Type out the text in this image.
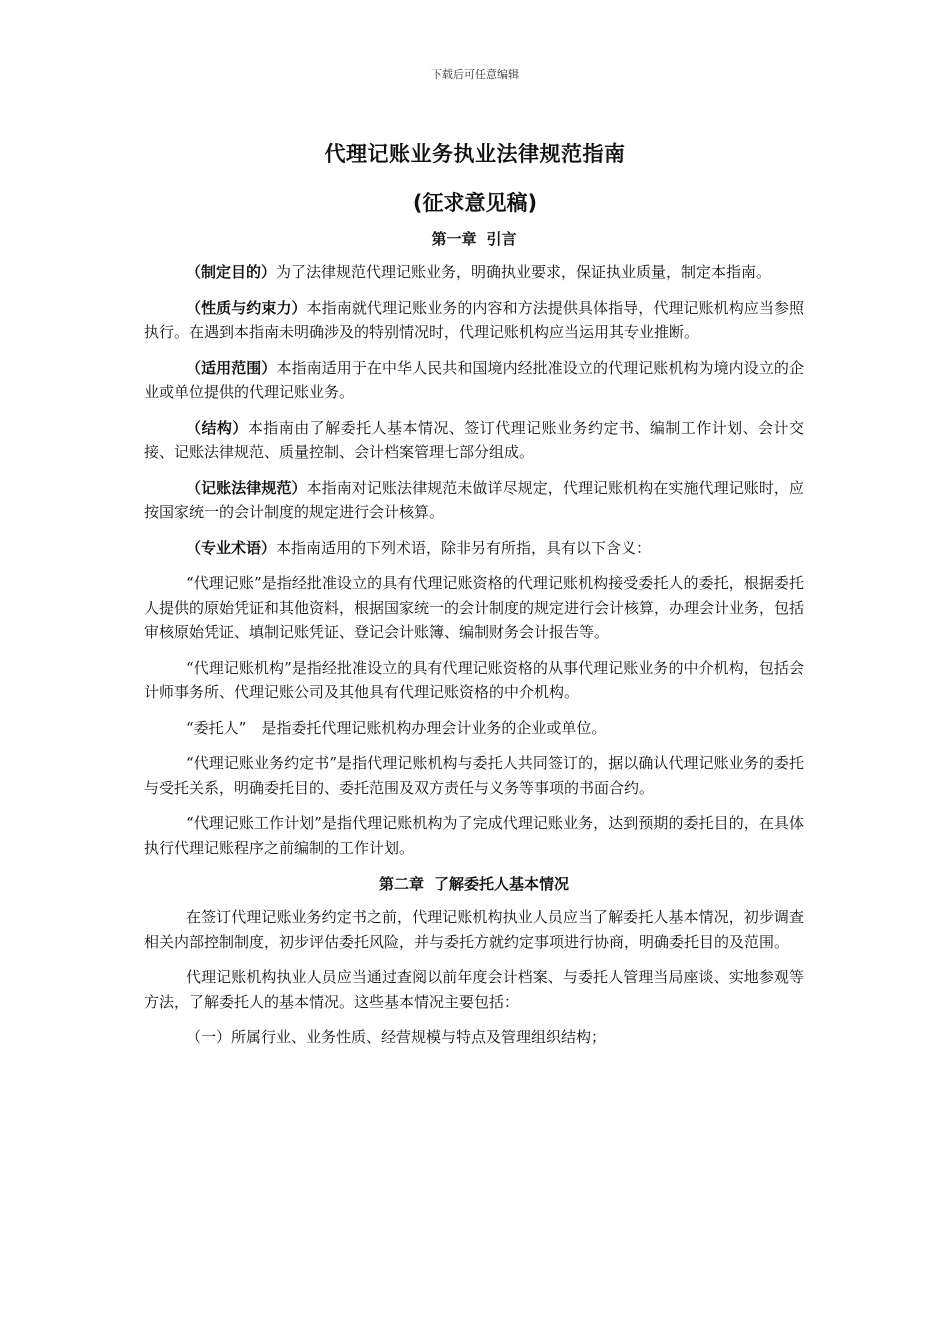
下载后可任意编辑
代理记账业务执业法律规范指南
(征求意见稿)
第一章 引言

（制定目的）为了法律规范代理记账业务，明确执业要求，保证执业质量，制定本指南。

（性质与约束力）本指南就代理记账业务的内容和方法提供具体指导，代理记账机构应当参照执行。在遇到本指南未明确涉及的特别情况时，代理记账机构应当运用其专业推断。

（适用范围）本指南适用于在中华人民共和国境内经批准设立的代理记账机构为境内设立的企业或单位提供的代理记账业务。

（结构）本指南由了解委托人基本情况、签订代理记账业务约定书、编制工作计划、会计交接、记账法律规范、质量控制、会计档案管理七部分组成。

（记账法律规范）本指南对记账法律规范未做详尽规定，代理记账机构在实施代理记账时，应按国家统一的会计制度的规定进行会计核算。

（专业术语）本指南适用的下列术语，除非另有所指，具有以下含义：

“代理记账”是指经批准设立的具有代理记账资格的代理记账机构接受委托人的委托，根据委托人提供的原始凭证和其他资料，根据国家统一的会计制度的规定进行会计核算，办理会计业务，包括审核原始凭证、填制记账凭证、登记会计账簿、编制财务会计报告等。

“代理记账机构”是指经批准设立的具有代理记账资格的从事代理记账业务的中介机构，包括会计师事务所、代理记账公司及其他具有代理记账资格的中介机构。

“委托人”　是指委托代理记账机构办理会计业务的企业或单位。

“代理记账业务约定书”是指代理记账机构与委托人共同签订的，据以确认代理记账业务的委托与受托关系，明确委托目的、委托范围及双方责任与义务等事项的书面合约。

“代理记账工作计划”是指代理记账机构为了完成代理记账业务，达到预期的委托目的，在具体执行代理记账程序之前编制的工作计划。

第二章 了解委托人基本情况

在签订代理记账业务约定书之前，代理记账机构执业人员应当了解委托人基本情况，初步调查相关内部控制制度，初步评估委托风险，并与委托方就约定事项进行协商，明确委托目的及范围。

代理记账机构执业人员应当通过查阅以前年度会计档案、与委托人管理当局座谈、实地参观等方法，了解委托人的基本情况。这些基本情况主要包括：

（一）所属行业、业务性质、经营规模与特点及管理组织结构；
